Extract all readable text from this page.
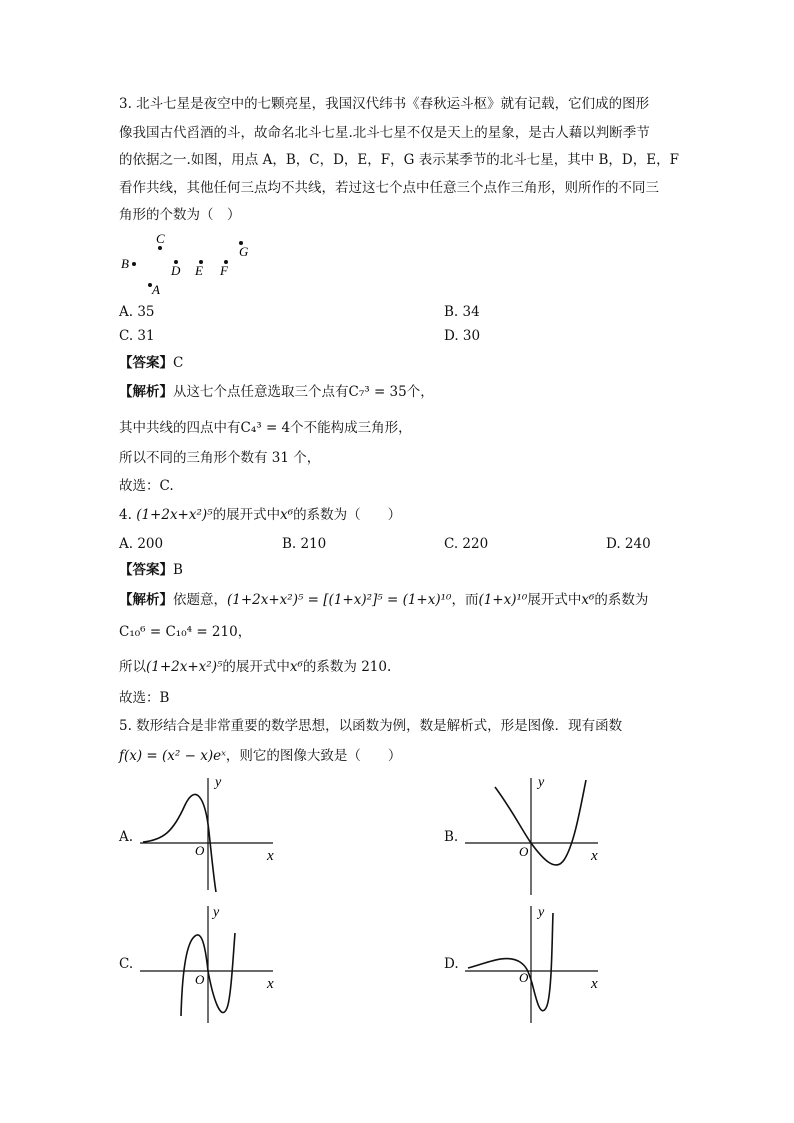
3. 北斗七星是夜空中的七颗亮星，我国汉代纬书《春秋运斗枢》就有记载，它们成的图形
像我国古代舀酒的斗，故命名北斗七星.北斗七星不仅是天上的星象，是古人藉以判断季节
的依据之一.如图，用点 A，B，C，D，E，F，G 表示某季节的北斗七星，其中 B，D，E，F
看作共线，其他任何三点均不共线，若过这七个点中任意三个点作三角形，则所作的不同三
角形的个数为（　）
C
G
B	D E F
A
A. 35	B. 34
C. 31	D. 30
【答案】C
【解析】从这七个点任意选取三个点有C₇³ = 35个，
其中共线的四点中有C₄³ = 4个不能构成三角形，
所以不同的三角形个数有 31 个，
故选：C.
4. (1+2x+x²)⁵的展开式中x⁶的系数为（　　）
A. 200	B. 210	C. 220	D. 240
【答案】B
【解析】依题意，(1+2x+x²)⁵ = [(1+x)²]⁵ = (1+x)¹⁰，而(1+x)¹⁰展开式中x⁶的系数为
C₁₀⁶ = C₁₀⁴ = 210，
所以(1+2x+x²)⁵的展开式中x⁶的系数为 210.
故选：B
5. 数形结合是非常重要的数学思想，以函数为例，数是解析式，形是图像．现有函数
f(x) = (x² − x)eˣ，则它的图像大致是（　　）
A.
y
x
O
B.
y
x
O
C.
y
x
O
D.
y
x
O
